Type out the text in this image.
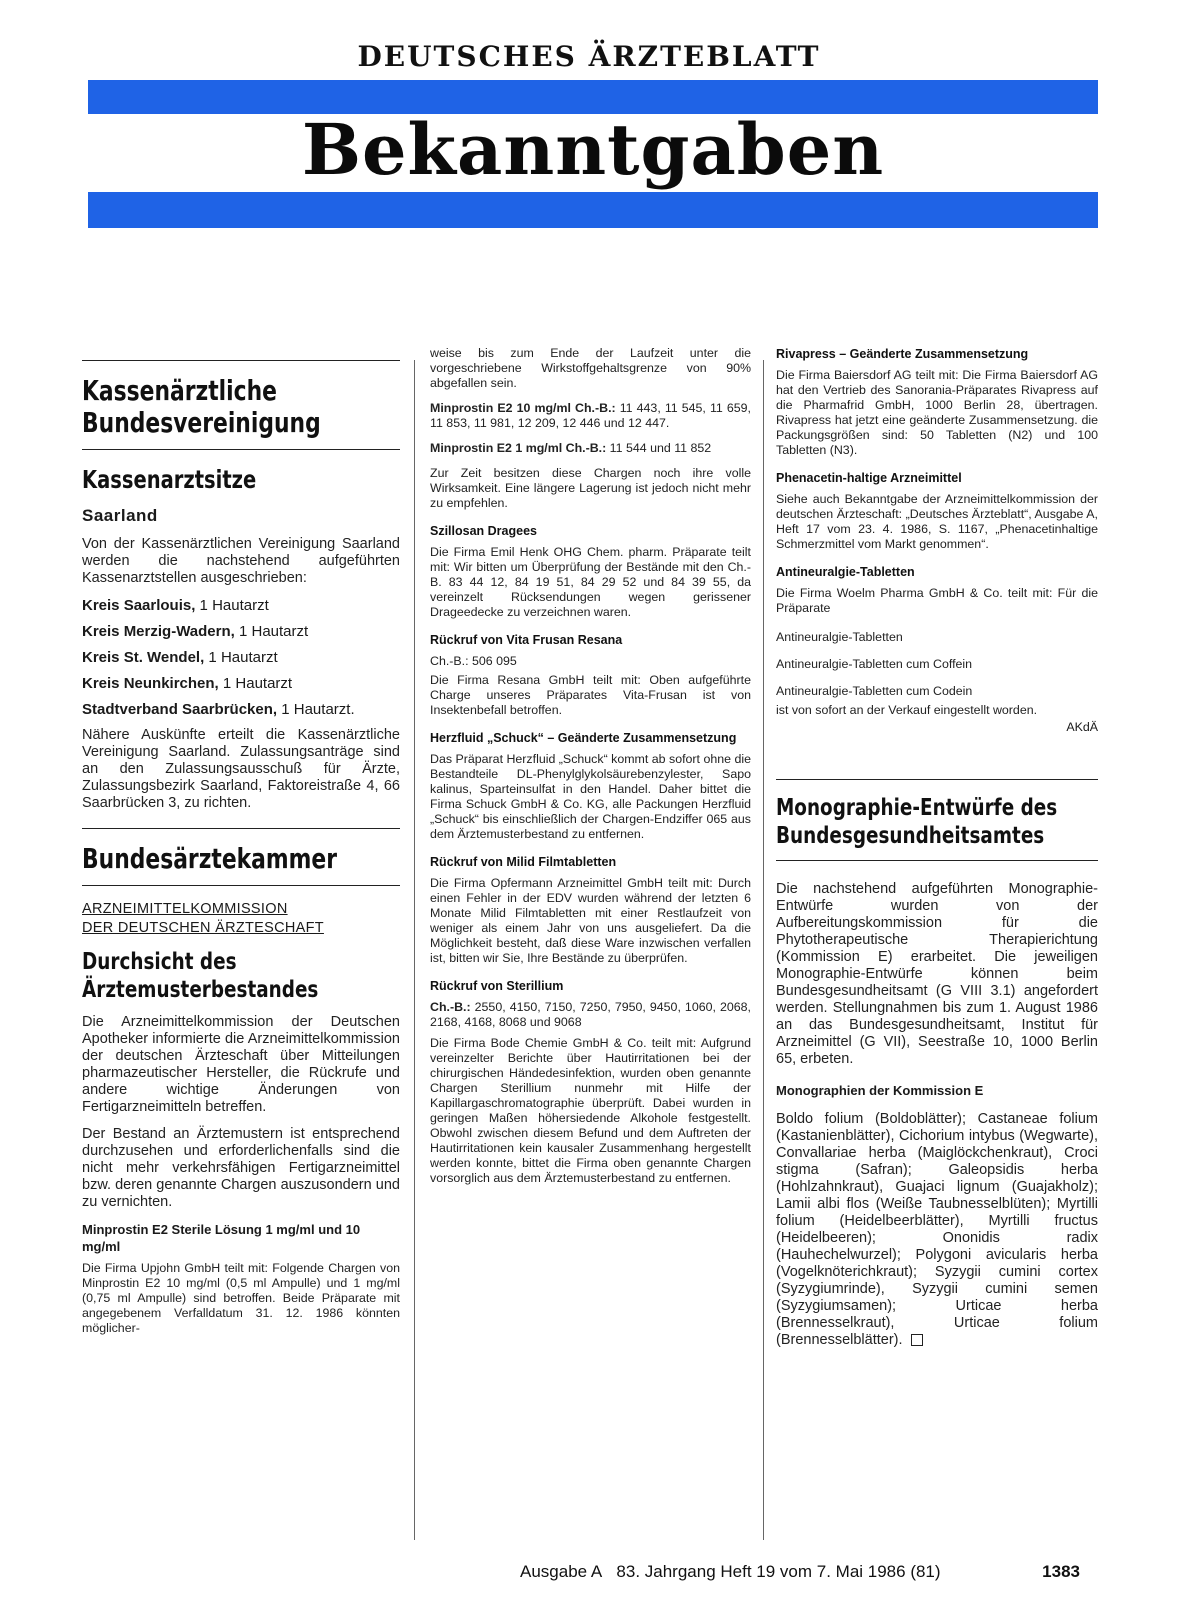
DEUTSCHES ÄRZTEBLATT
Bekanntgaben
Kassenärztliche Bundesvereinigung
Kassenarztsitze
Saarland

Von der Kassenärztlichen Vereinigung Saarland werden die nachstehend aufgeführten Kassenarztstellen ausgeschrieben:

Kreis Saarlouis, 1 Hautarzt
Kreis Merzig-Wadern, 1 Hautarzt
Kreis St. Wendel, 1 Hautarzt
Kreis Neunkirchen, 1 Hautarzt
Stadtverband Saarbrücken, 1 Hautarzt.

Nähere Auskünfte erteilt die Kassenärztliche Vereinigung Saarland. Zulassungsanträge sind an den Zulassungsausschuß für Ärzte, Zulassungsbezirk Saarland, Faktoreistraße 4, 66 Saarbrücken 3, zu richten.

Bundesärztekammer
ARZNEIMITTELKOMMISSION
DER DEUTSCHEN ÄRZTESCHAFT
Durchsicht des Ärztemusterbestandes

Die Arzneimittelkommission der Deutschen Apotheker informierte die Arzneimittelkommission der deutschen Ärzteschaft über Mitteilungen pharmazeutischer Hersteller, die Rückrufe und andere wichtige Änderungen von Fertigarzneimitteln betreffen.

Der Bestand an Ärztemustern ist entsprechend durchzusehen und erforderlichenfalls sind die nicht mehr verkehrsfähigen Fertigarzneimittel bzw. deren genannte Chargen auszusondern und zu vernichten.

Minprostin E2 Sterile Lösung 1 mg/ml und 10 mg/ml

Die Firma Upjohn GmbH teilt mit: Folgende Chargen von Minprostin E2 10 mg/ml (0,5 ml Ampulle) und 1 mg/ml (0,75 ml Ampulle) sind betroffen. Beide Präparate mit angegebenem Verfalldatum 31. 12. 1986 könnten möglicher-

weise bis zum Ende der Laufzeit unter die vorgeschriebene Wirkstoffgehaltsgrenze von 90% abgefallen sein.

Minprostin E2 10 mg/ml Ch.-B.: 11 443, 11 545, 11 659, 11 853, 11 981, 12 209, 12 446 und 12 447.

Minprostin E2 1 mg/ml Ch.-B.: 11 544 und 11 852

Zur Zeit besitzen diese Chargen noch ihre volle Wirksamkeit. Eine längere Lagerung ist jedoch nicht mehr zu empfehlen.

Szillosan Dragees

Die Firma Emil Henk OHG Chem. pharm. Präparate teilt mit: Wir bitten um Überprüfung der Bestände mit den Ch.-B. 83 44 12, 84 19 51, 84 29 52 und 84 39 55, da vereinzelt Rücksendungen wegen gerissener Drageedecke zu verzeichnen waren.

Rückruf von Vita Frusan Resana

Ch.-B.: 506 095

Die Firma Resana GmbH teilt mit: Oben aufgeführte Charge unseres Präparates Vita-Frusan ist von Insektenbefall betroffen.

Herzfluid „Schuck“ – Geänderte Zusammensetzung

Das Präparat Herzfluid „Schuck“ kommt ab sofort ohne die Bestandteile DL-Phenylglykolsäurebenzylester, Sapo kalinus, Sparteinsulfat in den Handel. Daher bittet die Firma Schuck GmbH & Co. KG, alle Packungen Herzfluid „Schuck“ bis einschließlich der Chargen-Endziffer 065 aus dem Ärztemusterbestand zu entfernen.

Rückruf von Milid Filmtabletten

Die Firma Opfermann Arzneimittel GmbH teilt mit: Durch einen Fehler in der EDV wurden während der letzten 6 Monate Milid Filmtabletten mit einer Restlaufzeit von weniger als einem Jahr von uns ausgeliefert. Da die Möglichkeit besteht, daß diese Ware inzwischen verfallen ist, bitten wir Sie, Ihre Bestände zu überprüfen.

Rückruf von Sterillium

Ch.-B.: 2550, 4150, 7150, 7250, 7950, 9450, 1060, 2068, 2168, 4168, 8068 und 9068

Die Firma Bode Chemie GmbH & Co. teilt mit: Aufgrund vereinzelter Berichte über Hautirritationen bei der chirurgischen Händedesinfektion, wurden oben genannte Chargen Sterillium nunmehr mit Hilfe der Kapillargaschromatographie überprüft. Dabei wurden in geringen Maßen höhersiedende Alkohole festgestellt. Obwohl zwischen diesem Befund und dem Auftreten der Hautirritationen kein kausaler Zusammenhang hergestellt werden konnte, bittet die Firma oben genannte Chargen vorsorglich aus dem Ärztemusterbestand zu entfernen.

Rivapress – Geänderte Zusammensetzung

Die Firma Baiersdorf AG teilt mit: Die Firma Baiersdorf AG hat den Vertrieb des Sanorania-Präparates Rivapress auf die Pharmafrid GmbH, 1000 Berlin 28, übertragen. Rivapress hat jetzt eine geänderte Zusammensetzung. die Packungsgrößen sind: 50 Tabletten (N2) und 100 Tabletten (N3).

Phenacetin-haltige Arzneimittel

Siehe auch Bekanntgabe der Arzneimittelkommission der deutschen Ärzteschaft: „Deutsches Ärzteblatt“, Ausgabe A, Heft 17 vom 23. 4. 1986, S. 1167, „Phenacetinhaltige Schmerzmittel vom Markt genommen“.

Antineuralgie-Tabletten

Die Firma Woelm Pharma GmbH & Co. teilt mit: Für die Präparate

Antineuralgie-Tabletten
Antineuralgie-Tabletten cum Coffein
Antineuralgie-Tabletten cum Codein

ist von sofort an der Verkauf eingestellt worden.

AKdÄ
Monographie-Entwürfe des Bundesgesundheitsamtes

Die nachstehend aufgeführten Monographie-Entwürfe wurden von der Aufbereitungskommission für die Phytotherapeutische Therapierichtung (Kommission E) erarbeitet. Die jeweiligen Monographie-Entwürfe können beim Bundesgesundheitsamt (G VIII 3.1) angefordert werden. Stellungnahmen bis zum 1. August 1986 an das Bundesgesundheitsamt, Institut für Arzneimittel (G VII), Seestraße 10, 1000 Berlin 65, erbeten.

Monographien der Kommission E

Boldo folium (Boldoblätter); Castaneae folium (Kastanienblätter), Cichorium intybus (Wegwarte), Convallariae herba (Maiglöckchenkraut), Croci stigma (Safran); Galeopsidis herba (Hohlzahnkraut), Guajaci lignum (Guajakholz); Lamii albi flos (Weiße Taubnesselblüten); Myrtilli folium (Heidelbeerblätter), Myrtilli fructus (Heidelbeeren); Ononidis radix (Hauhechelwurzel); Polygoni avicularis herba (Vogelknöterichkraut); Syzygii cumini cortex (Syzygiumrinde), Syzygii cumini semen (Syzygiumsamen); Urticae herba (Brennesselkraut), Urticae folium (Brennesselblätter).

Ausgabe A 83. Jahrgang Heft 19 vom 7. Mai 1986 (81)	1383
